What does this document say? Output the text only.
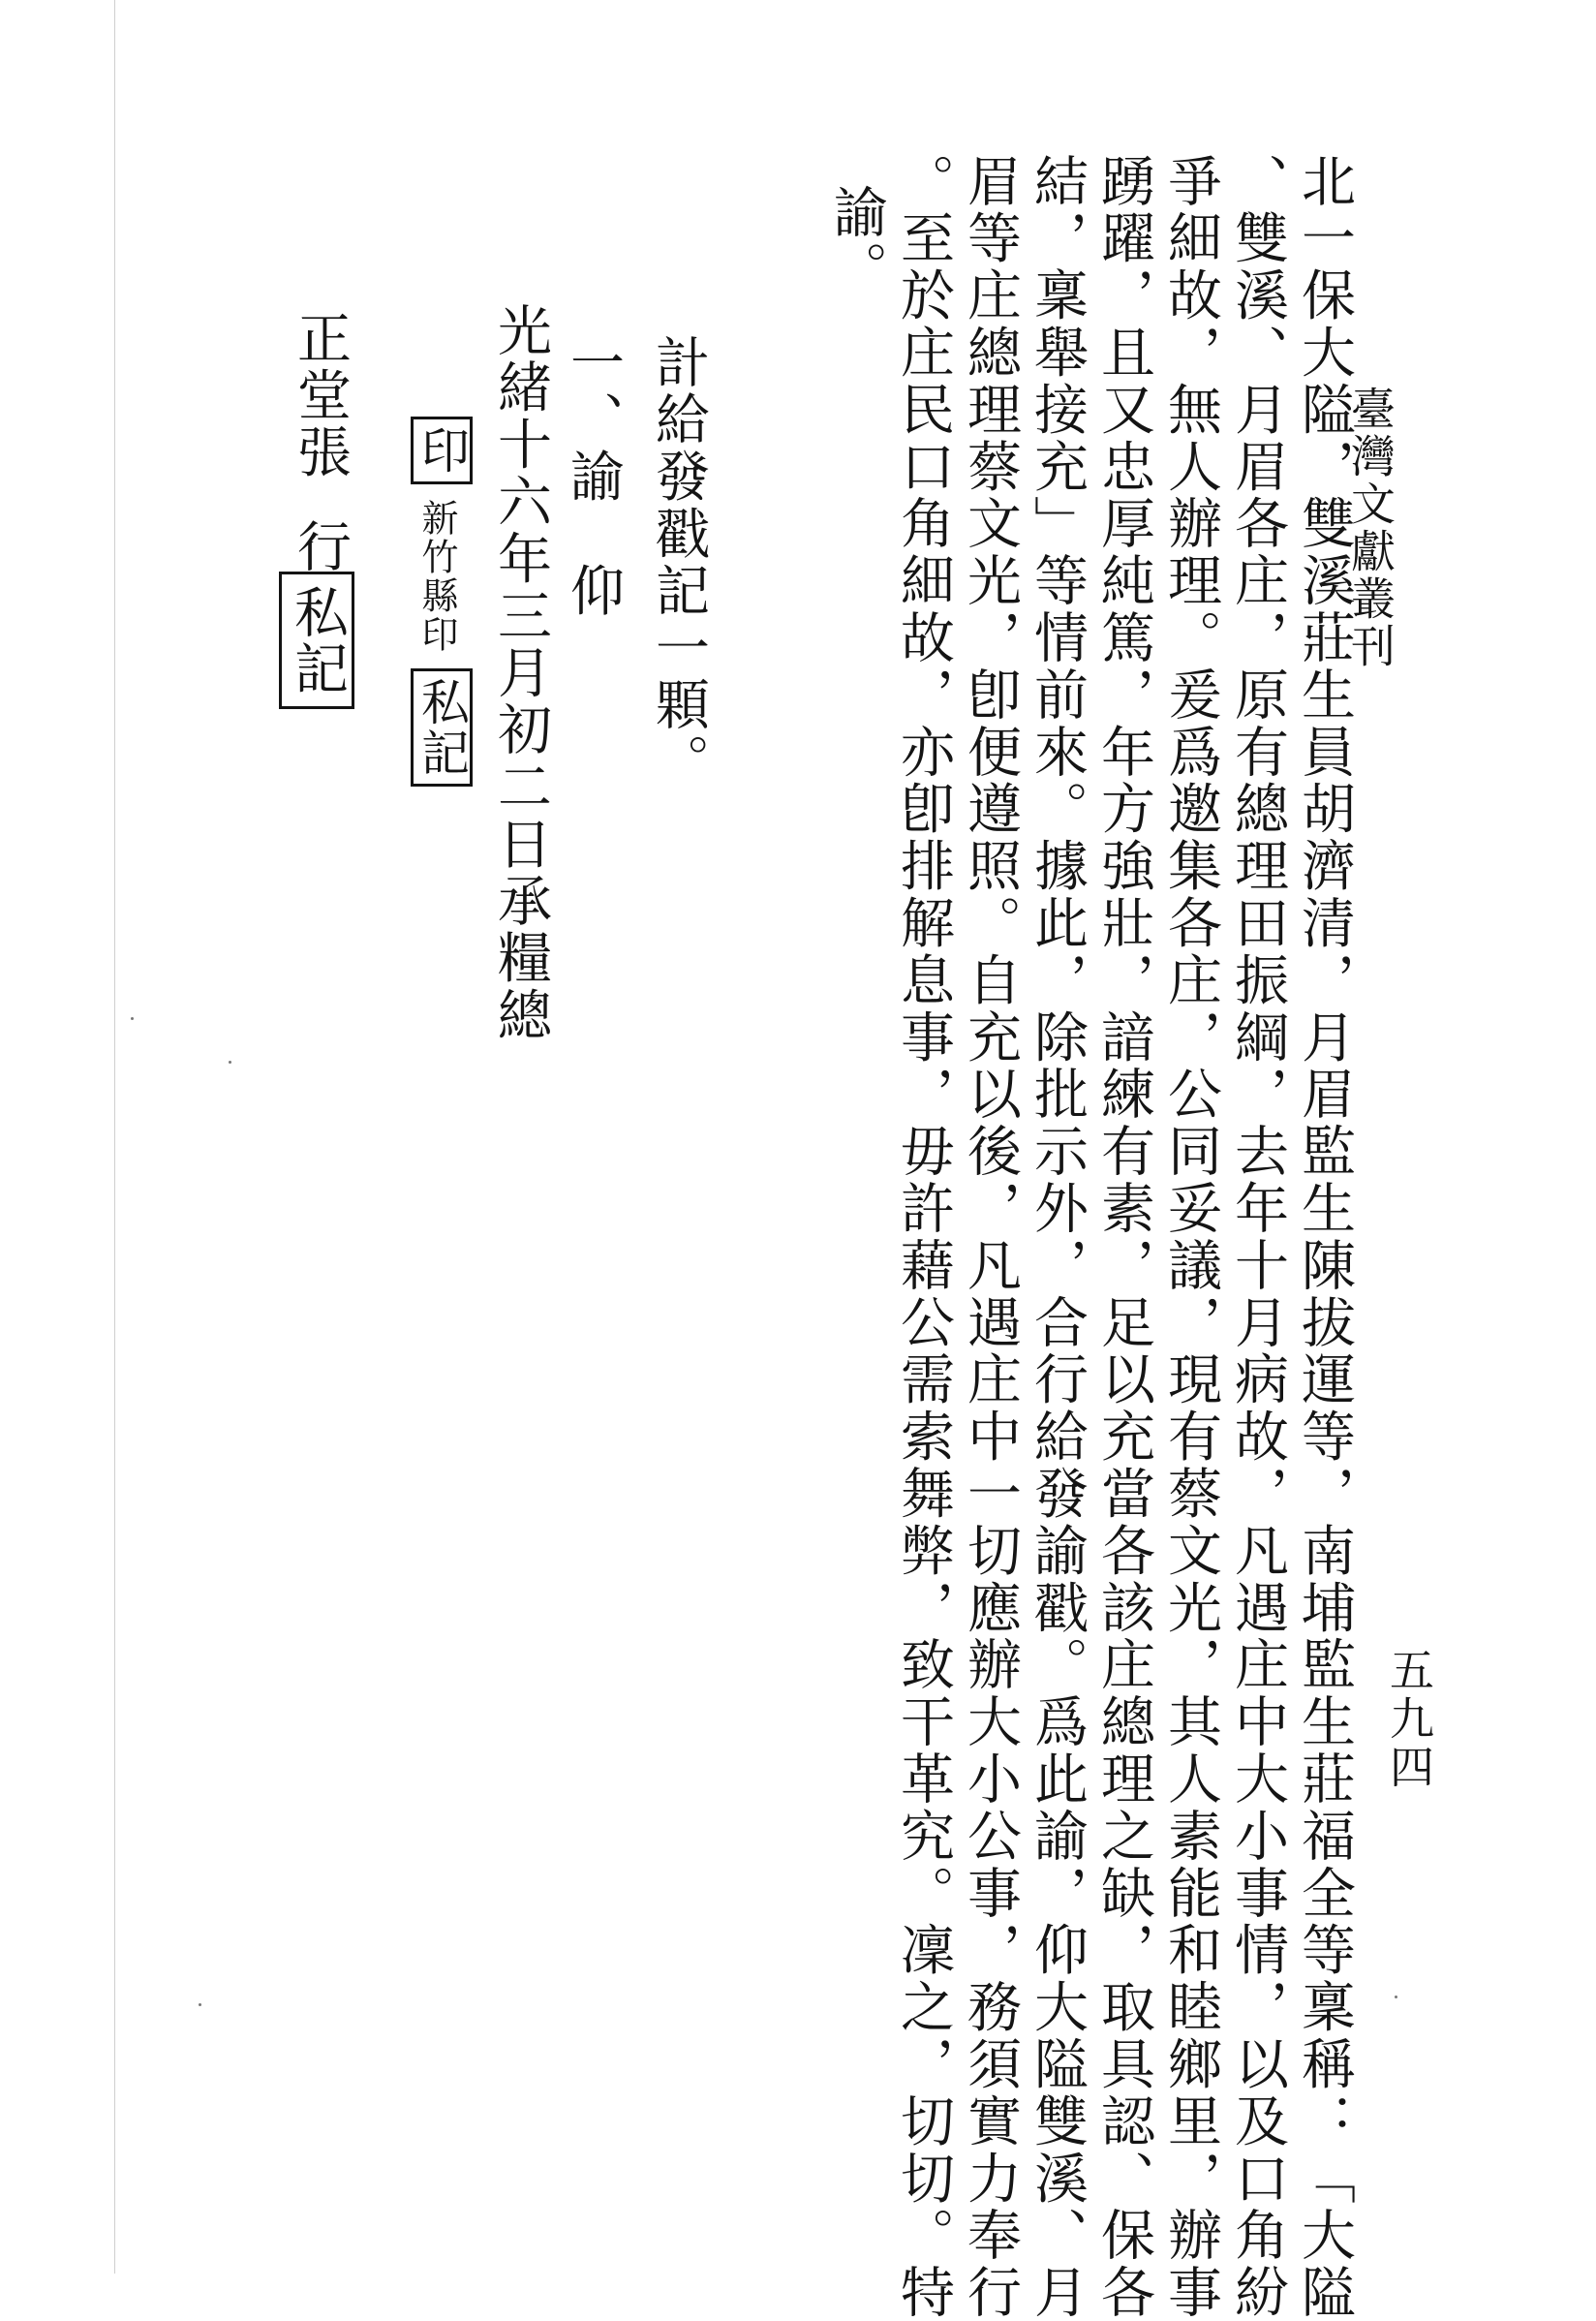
臺灣文獻叢刊
五九四
北一保大隘，雙溪莊生員胡濟清，月眉監生陳拔運等，南埔監生莊福全等稟稱：「大隘
、雙溪、月眉各庄，原有總理田振綱，去年十月病故，凡遇庄中大小事情，以及口角紛
爭細故，無人辦理。爰爲邀集各庄，公同妥議，現有蔡文光，其人素能和睦鄉里，辦事
踴躍，且又忠厚純篤，年方強壯，諳練有素，足以充當各該庄總理之缺，取具認、保各
結，稟舉接充」等情前來。據此，除批示外，合行給發諭戳。爲此諭，仰大隘雙溪、月
眉等庄總理蔡文光，卽便遵照。自充以後，凡遇庄中一切應辦大小公事，務須實力奉行
。至於庄民口角細故，亦卽排解息事，毋許藉公需索舞弊，致干革究。凜之，切切。特
諭。
計給發戳記一顆。
一、諭　仰
光緒十六年三月初二日承糧總
印
新竹縣印
私記
正堂張
行
私記
